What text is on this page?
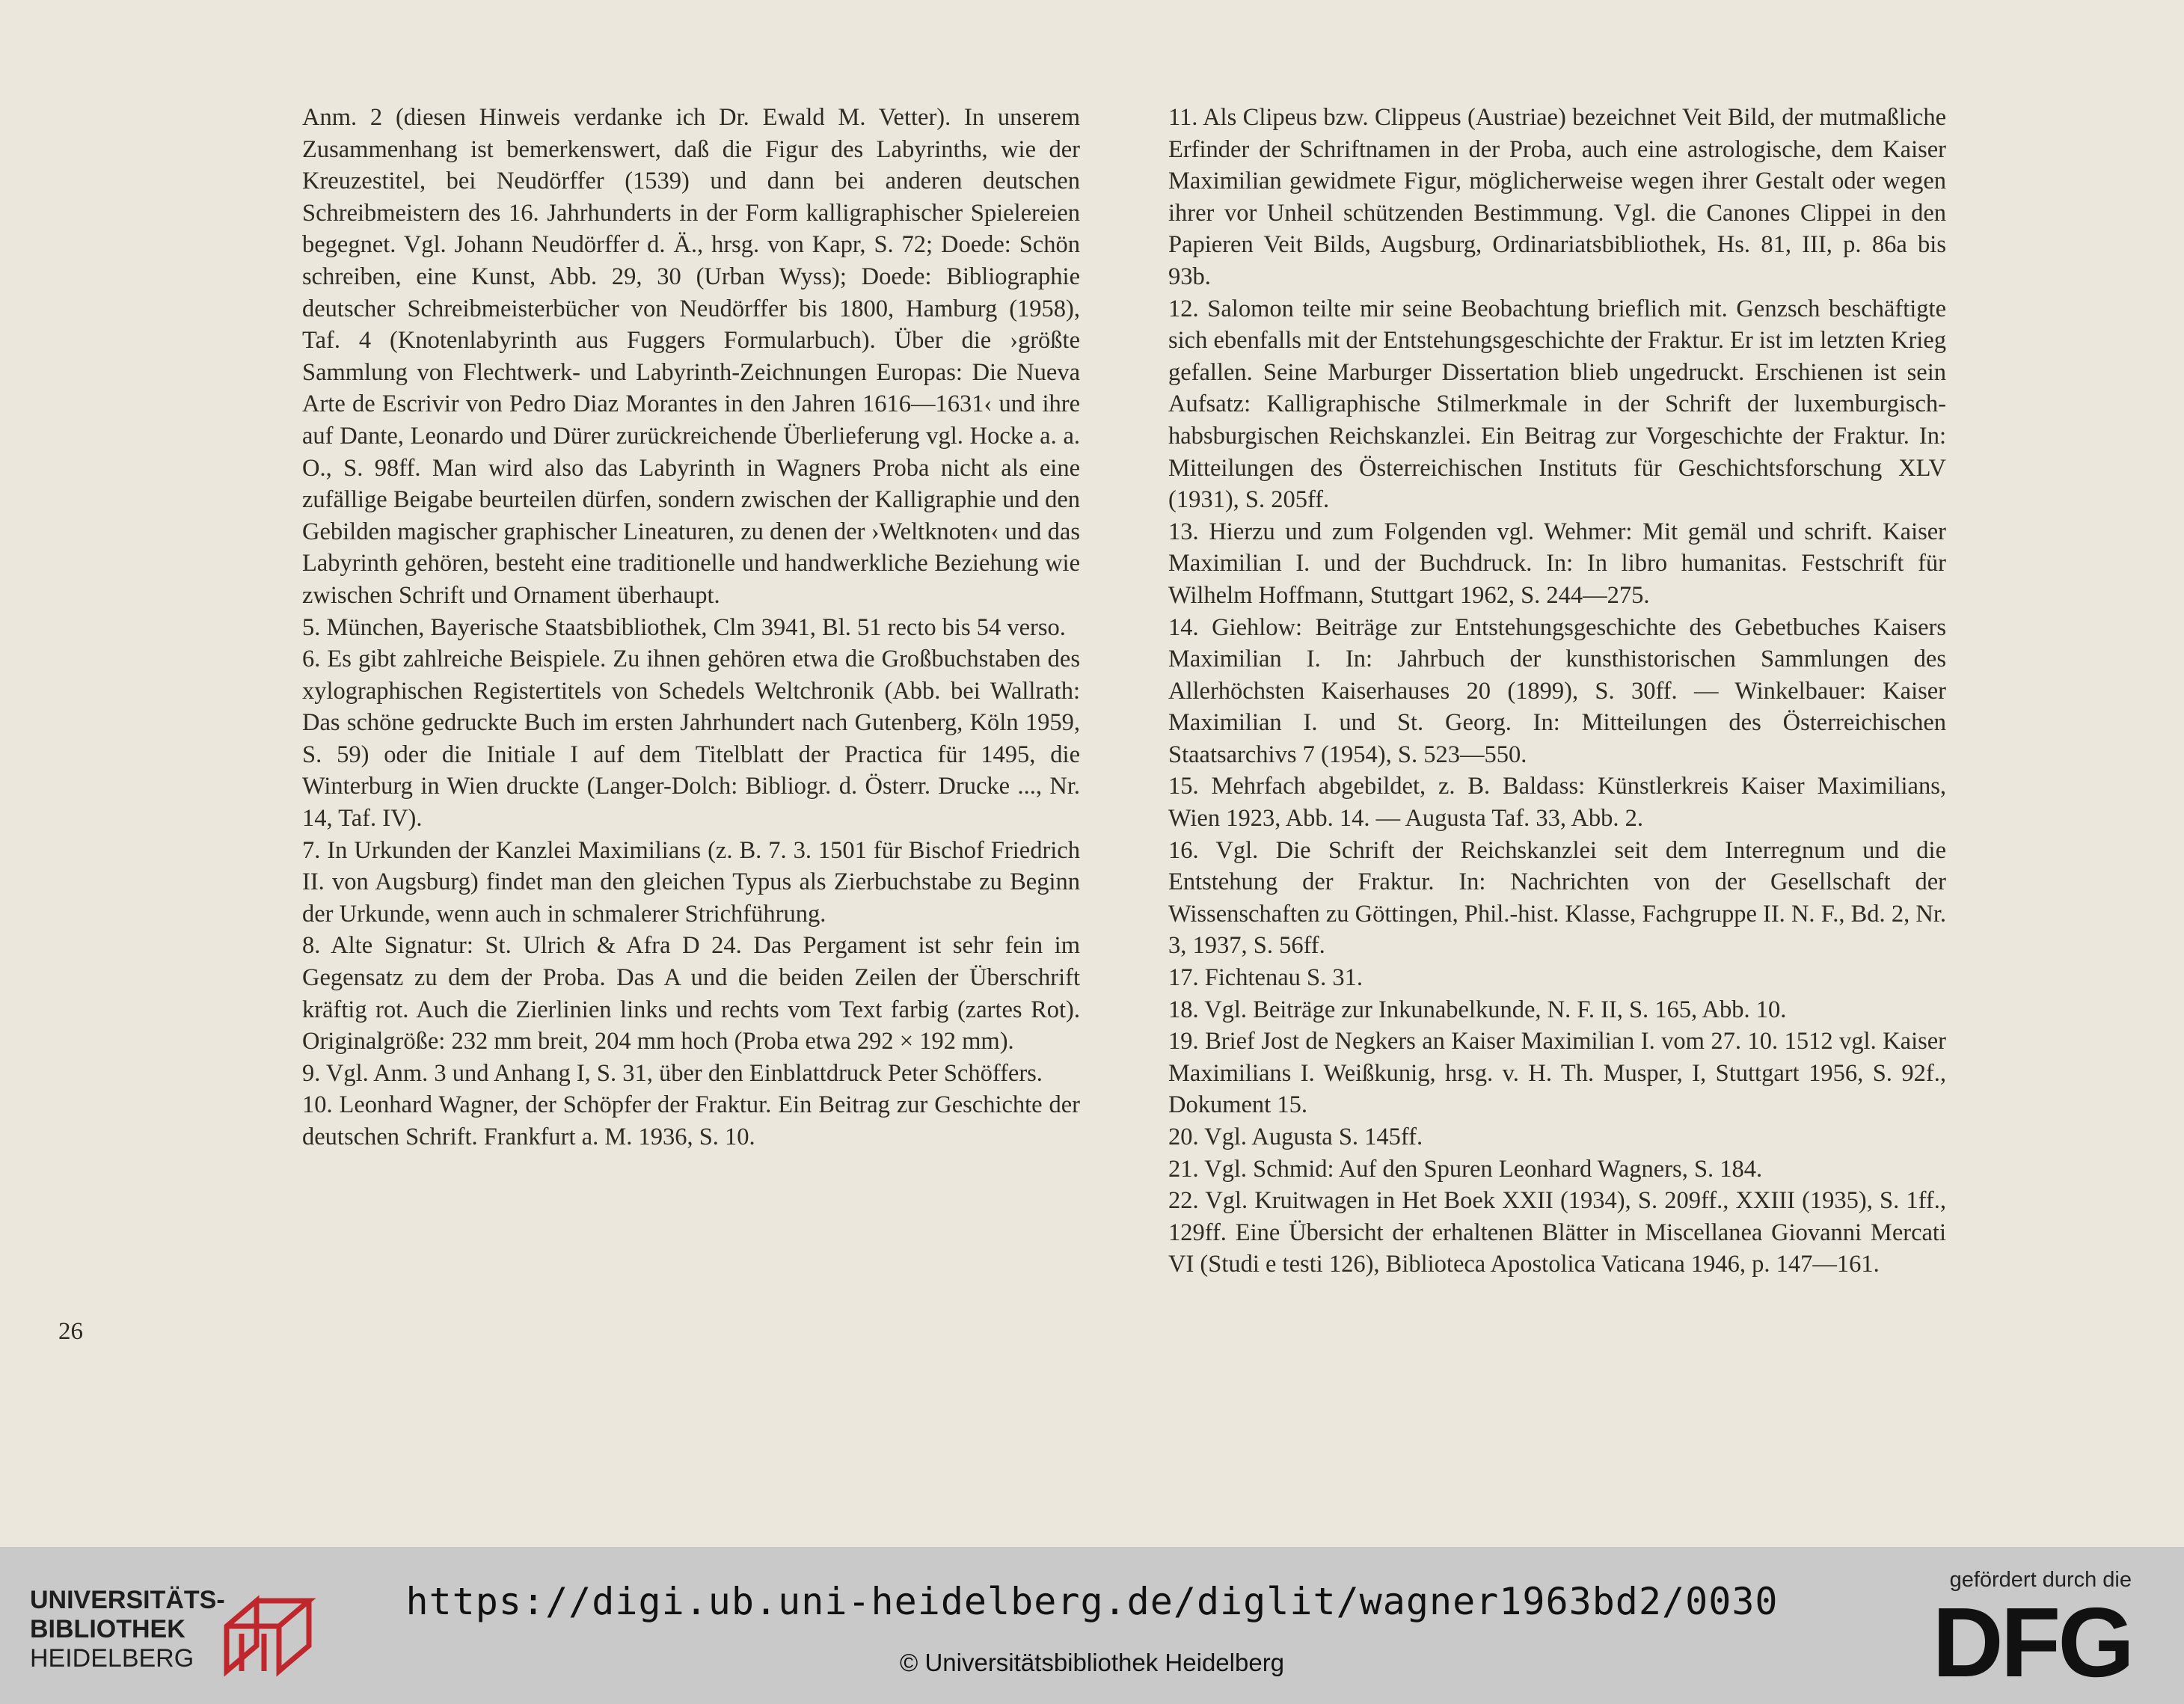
Anm. 2 (diesen Hinweis verdanke ich Dr. Ewald M. Vetter). In unserem Zusammenhang ist bemerkenswert, daß die Figur des Labyrinths, wie der Kreuzestitel, bei Neudörffer (1539) und dann bei anderen deutschen Schreibmeistern des 16. Jahrhunderts in der Form kalligraphischer Spielereien begegnet. Vgl. Johann Neudörffer d. Ä., hrsg. von Kapr, S. 72; Doede: Schön schreiben, eine Kunst, Abb. 29, 30 (Urban Wyss); Doede: Bibliographie deutscher Schreibmeisterbücher von Neudörffer bis 1800, Hamburg (1958), Taf. 4 (Knotenlabyrinth aus Fuggers Formularbuch). Über die ›größte Sammlung von Flechtwerk- und Labyrinth-Zeichnungen Europas: Die Nueva Arte de Escrivir von Pedro Diaz Morantes in den Jahren 1616—1631‹ und ihre auf Dante, Leonardo und Dürer zurückreichende Überlieferung vgl. Hocke a. a. O., S. 98ff. Man wird also das Labyrinth in Wagners Proba nicht als eine zufällige Beigabe beurteilen dürfen, sondern zwischen der Kalligraphie und den Gebilden magischer graphischer Lineaturen, zu denen der ›Weltknoten‹ und das Labyrinth gehören, besteht eine traditionelle und handwerkliche Beziehung wie zwischen Schrift und Ornament überhaupt.

5. München, Bayerische Staatsbibliothek, Clm 3941, Bl. 51 recto bis 54 verso.

6. Es gibt zahlreiche Beispiele. Zu ihnen gehören etwa die Großbuchstaben des xylographischen Registertitels von Schedels Weltchronik (Abb. bei Wallrath: Das schöne gedruckte Buch im ersten Jahrhundert nach Gutenberg, Köln 1959, S. 59) oder die Initiale I auf dem Titelblatt der Practica für 1495, die Winterburg in Wien druckte (Langer-Dolch: Bibliogr. d. Österr. Drucke ..., Nr. 14, Taf. IV).

7. In Urkunden der Kanzlei Maximilians (z. B. 7. 3. 1501 für Bischof Friedrich II. von Augsburg) findet man den gleichen Typus als Zierbuchstabe zu Beginn der Urkunde, wenn auch in schmalerer Strichführung.

8. Alte Signatur: St. Ulrich & Afra D 24. Das Pergament ist sehr fein im Gegensatz zu dem der Proba. Das A und die beiden Zeilen der Überschrift kräftig rot. Auch die Zierlinien links und rechts vom Text farbig (zartes Rot). Originalgröße: 232 mm breit, 204 mm hoch (Proba etwa 292 × 192 mm).

9. Vgl. Anm. 3 und Anhang I, S. 31, über den Einblattdruck Peter Schöffers.

10. Leonhard Wagner, der Schöpfer der Fraktur. Ein Beitrag zur Geschichte der deutschen Schrift. Frankfurt a. M. 1936, S. 10.

11. Als Clipeus bzw. Clippeus (Austriae) bezeichnet Veit Bild, der mutmaßliche Erfinder der Schriftnamen in der Proba, auch eine astrologische, dem Kaiser Maximilian gewidmete Figur, möglicherweise wegen ihrer Gestalt oder wegen ihrer vor Unheil schützenden Bestimmung. Vgl. die Canones Clippei in den Papieren Veit Bilds, Augsburg, Ordinariatsbibliothek, Hs. 81, III, p. 86a bis 93b.

12. Salomon teilte mir seine Beobachtung brieflich mit. Genzsch beschäftigte sich ebenfalls mit der Entstehungsgeschichte der Fraktur. Er ist im letzten Krieg gefallen. Seine Marburger Dissertation blieb ungedruckt. Erschienen ist sein Aufsatz: Kalligraphische Stilmerkmale in der Schrift der luxemburgisch-habsburgischen Reichskanzlei. Ein Beitrag zur Vorgeschichte der Fraktur. In: Mitteilungen des Österreichischen Instituts für Geschichtsforschung XLV (1931), S. 205ff.

13. Hierzu und zum Folgenden vgl. Wehmer: Mit gemäl und schrift. Kaiser Maximilian I. und der Buchdruck. In: In libro humanitas. Festschrift für Wilhelm Hoffmann, Stuttgart 1962, S. 244—275.

14. Giehlow: Beiträge zur Entstehungsgeschichte des Gebetbuches Kaisers Maximilian I. In: Jahrbuch der kunsthistorischen Sammlungen des Allerhöchsten Kaiserhauses 20 (1899), S. 30ff. — Winkelbauer: Kaiser Maximilian I. und St. Georg. In: Mitteilungen des Österreichischen Staatsarchivs 7 (1954), S. 523—550.

15. Mehrfach abgebildet, z. B. Baldass: Künstlerkreis Kaiser Maximilians, Wien 1923, Abb. 14. — Augusta Taf. 33, Abb. 2.

16. Vgl. Die Schrift der Reichskanzlei seit dem Interregnum und die Entstehung der Fraktur. In: Nachrichten von der Gesellschaft der Wissenschaften zu Göttingen, Phil.-hist. Klasse, Fachgruppe II. N. F., Bd. 2, Nr. 3, 1937, S. 56ff.

17. Fichtenau S. 31.

18. Vgl. Beiträge zur Inkunabelkunde, N. F. II, S. 165, Abb. 10.

19. Brief Jost de Negkers an Kaiser Maximilian I. vom 27. 10. 1512 vgl. Kaiser Maximilians I. Weißkunig, hrsg. v. H. Th. Musper, I, Stuttgart 1956, S. 92f., Dokument 15.

20. Vgl. Augusta S. 145ff.

21. Vgl. Schmid: Auf den Spuren Leonhard Wagners, S. 184.

22. Vgl. Kruitwagen in Het Boek XXII (1934), S. 209ff., XXIII (1935), S. 1ff., 129ff. Eine Übersicht der erhaltenen Blätter in Miscellanea Giovanni Mercati VI (Studi e testi 126), Biblioteca Apostolica Vaticana 1946, p. 147—161.

26
UNIVERSITÄTS-
BIBLIOTHEK
HEIDELBERG
https://digi.ub.uni-heidelberg.de/diglit/wagner1963bd2/0030
© Universitätsbibliothek Heidelberg
gefördert durch die
DFG
